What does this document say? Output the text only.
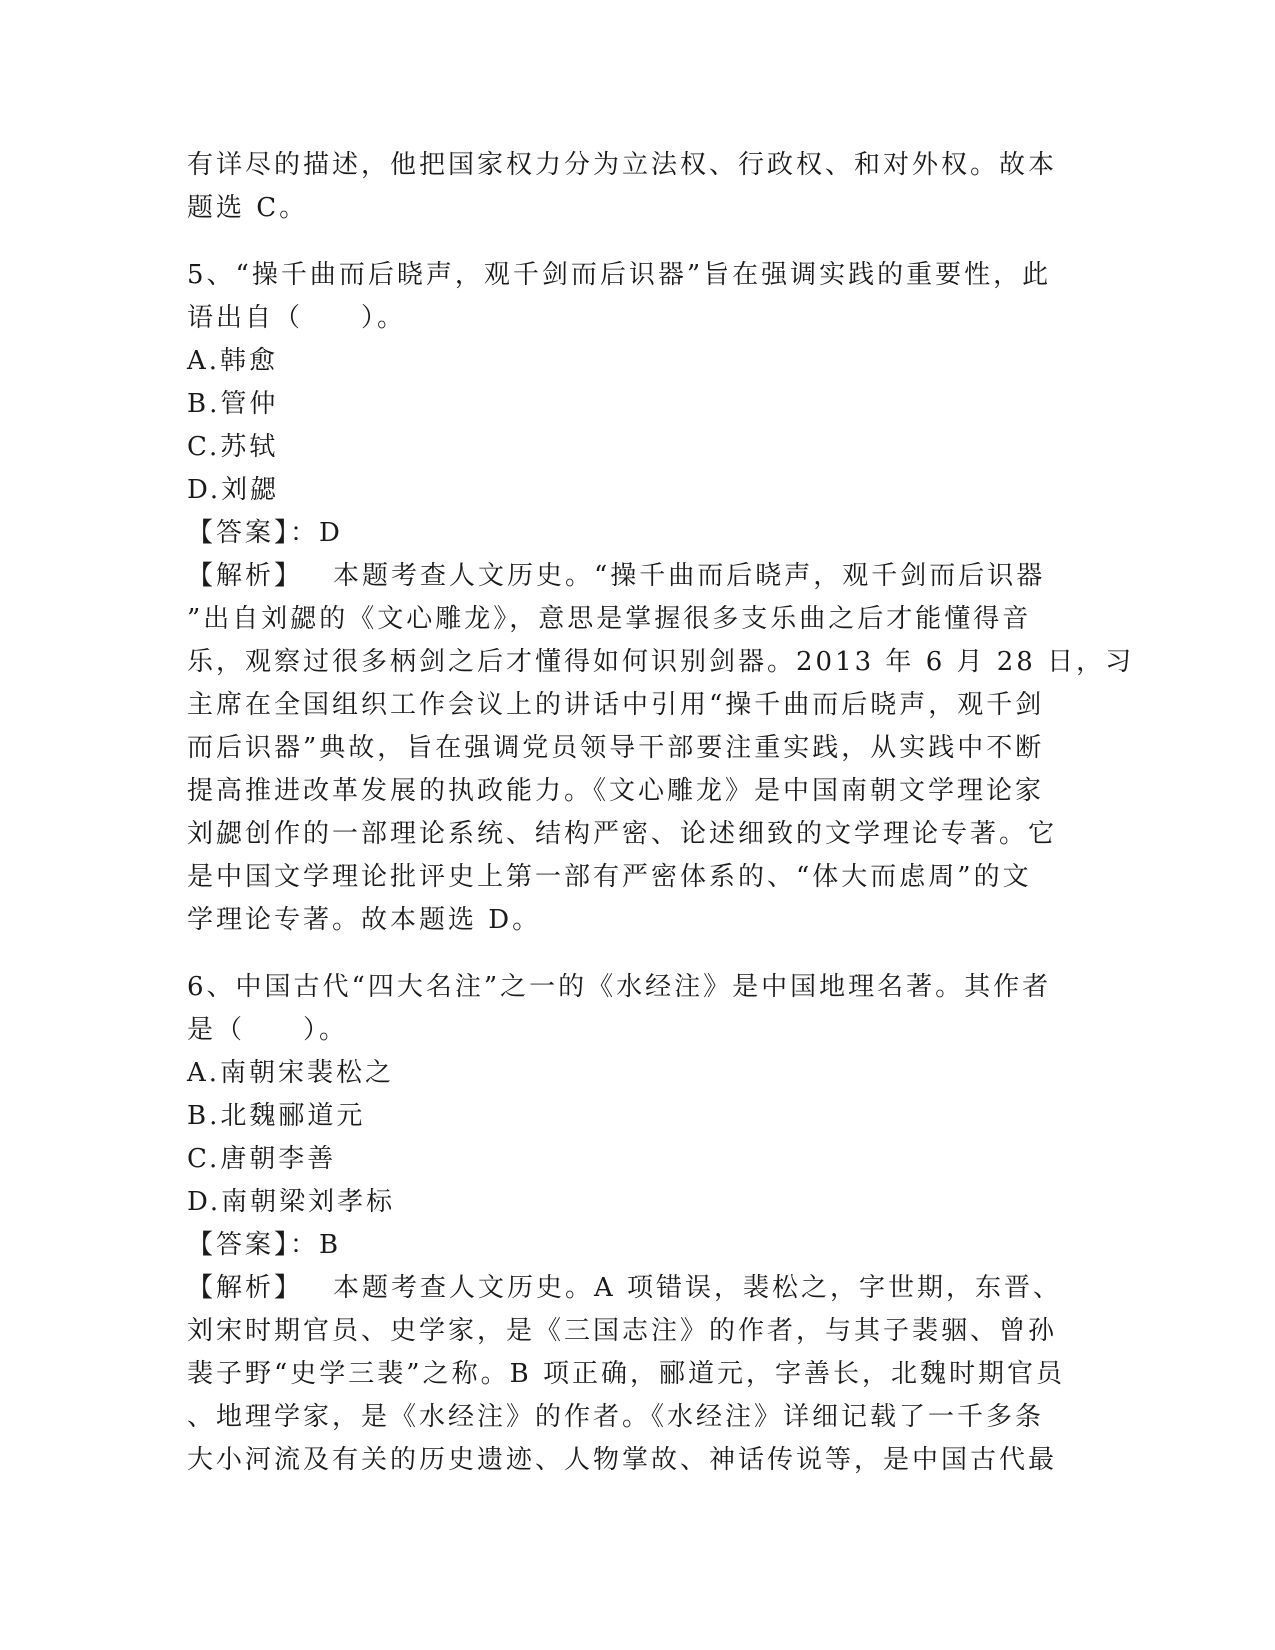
有详尽的描述，他把国家权力分为立法权、行政权、和对外权。故本
题选 C。
5、“操千曲而后晓声，观千剑而后识器”旨在强调实践的重要性，此
语出自（　　）。
A.韩愈
B.管仲
C.苏轼
D.刘勰
【答案】：D
【解析】 本题考查人文历史。“操千曲而后晓声，观千剑而后识器
”出自刘勰的《文心雕龙》，意思是掌握很多支乐曲之后才能懂得音
乐，观察过很多柄剑之后才懂得如何识别剑器。2013 年 6 月 28 日，习
主席在全国组织工作会议上的讲话中引用“操千曲而后晓声，观千剑
而后识器”典故，旨在强调党员领导干部要注重实践，从实践中不断
提高推进改革发展的执政能力。《文心雕龙》是中国南朝文学理论家
刘勰创作的一部理论系统、结构严密、论述细致的文学理论专著。它
是中国文学理论批评史上第一部有严密体系的、“体大而虑周”的文
学理论专著。故本题选 D。
6、中国古代“四大名注”之一的《水经注》是中国地理名著。其作者
是（　　）。
A.南朝宋裴松之
B.北魏郦道元
C.唐朝李善
D.南朝梁刘孝标
【答案】：B
【解析】 本题考查人文历史。A 项错误，裴松之，字世期，东晋、
刘宋时期官员、史学家，是《三国志注》的作者，与其子裴骃、曾孙
裴子野“史学三裴”之称。B 项正确，郦道元，字善长，北魏时期官员
、地理学家，是《水经注》的作者。《水经注》详细记载了一千多条
大小河流及有关的历史遗迹、人物掌故、神话传说等，是中国古代最
